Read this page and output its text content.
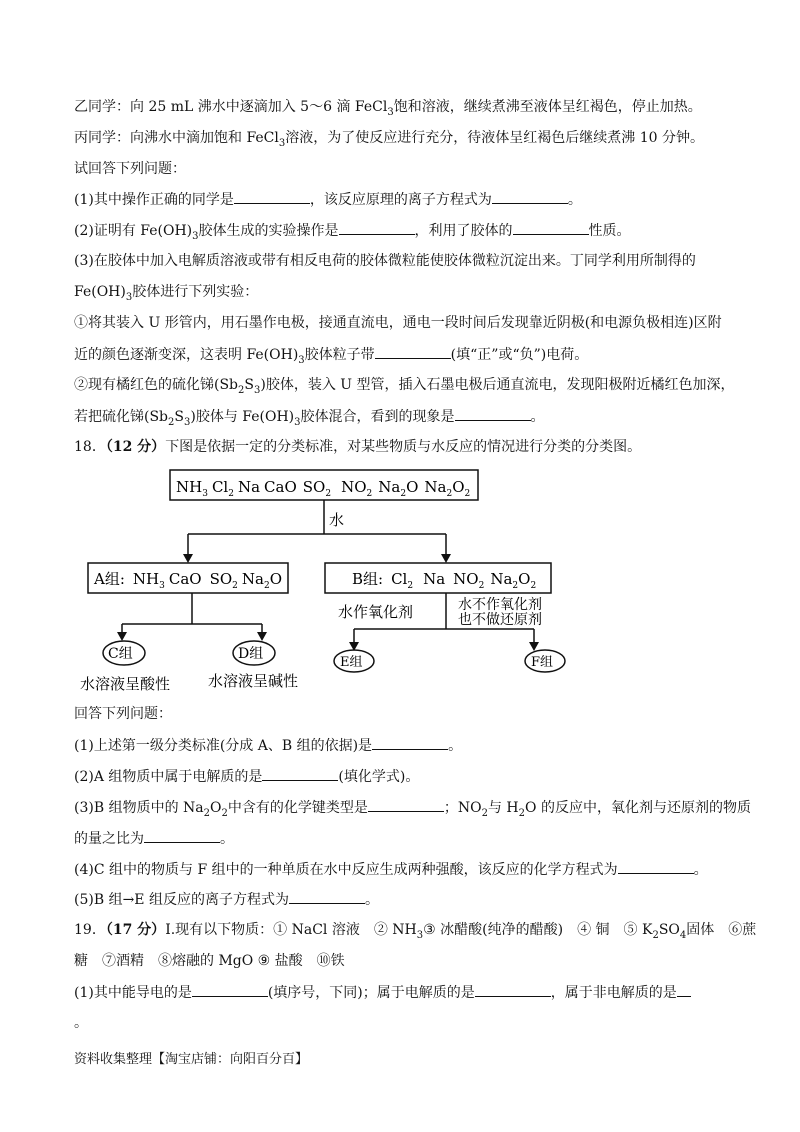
乙同学：向 25 mL 沸水中逐滴加入 5～6 滴 FeCl$_3$饱和溶液，继续煮沸至液体呈红褐色，停止加热。
丙同学：向沸水中滴加饱和 FeCl$_3$溶液，为了使反应进行充分，待液体呈红褐色后继续煮沸 10 分钟。
试回答下列问题：
(1)其中操作正确的同学是	，该反应原理的离子方程式为	。
(2)证明有 $Fe(OH)_3$胶体生成的实验操作是	，利用了胶体的	性质。
(3)在胶体中加入电解质溶液或带有相反电荷的胶体微粒能使胶体微粒沉淀出来。丁同学利用所制得的
$Fe(OH)_3$胶体进行下列实验：
①将其装入 U 形管内，用石墨作电极，接通直流电，通电一段时间后发现靠近阴极(和电源负极相连)区附
近的颜色逐渐变深，这表明 $Fe(OH)_3$胶体粒子带	(填“正”或“负”)电荷。
②现有橘红色的硫化锑$(Sb_2S_3)$胶体，装入 U 型管，插入石墨电极后通直流电，发现阳极附近橘红色加深，
若把硫化锑$(Sb_2S_3)$胶体与 $Fe(OH)_3$胶体混合，看到的现象是	。
18．（12 分）下图是依据一定的分类标准，对某些物质与水反应的情况进行分类的分类图。
$NH_3$ $Cl_2$ Na CaO $SO_2$ $NO_2$ $Na_2O$ $Na_2O_2$
水
A组: $NH_3$ CaO $SO_2$ $Na_2O$	B组: $Cl_2$ Na $NO_2$ $Na_2O_2$
C组	D组
水溶液呈酸性	水溶液呈碱性
水作氧化剂	水不作氧化剂
也不做还原剂
E组	F组
回答下列问题：
(1)上述第一级分类标准(分成 A、B 组的依据)是	。
(2)A 组物质中属于电解质的是	(填化学式)。
(3)B 组物质中的 $Na_2O_2$中含有的化学键类型是	；$NO_2$与 $H_2O$ 的反应中，氧化剂与还原剂的物质
的量之比为	。
(4)C 组中的物质与 F 组中的一种单质在水中反应生成两种强酸，该反应的化学方程式为	。
(5)B 组→E 组反应的离子方程式为	。
19．（17 分）Ⅰ.现有以下物质：① NaCl 溶液　② $NH_3③$ 冰醋酸(纯净的醋酸)　④ 铜　⑤ $K_2SO_4$固体　⑥蔗
糖　⑦酒精　⑧熔融的 MgO ⑨ 盐酸　⑩铁
(1)其中能导电的是	(填序号，下同)；属于电解质的是	，属于非电解质的是
。
资料收集整理【淘宝店铺：向阳百分百】
